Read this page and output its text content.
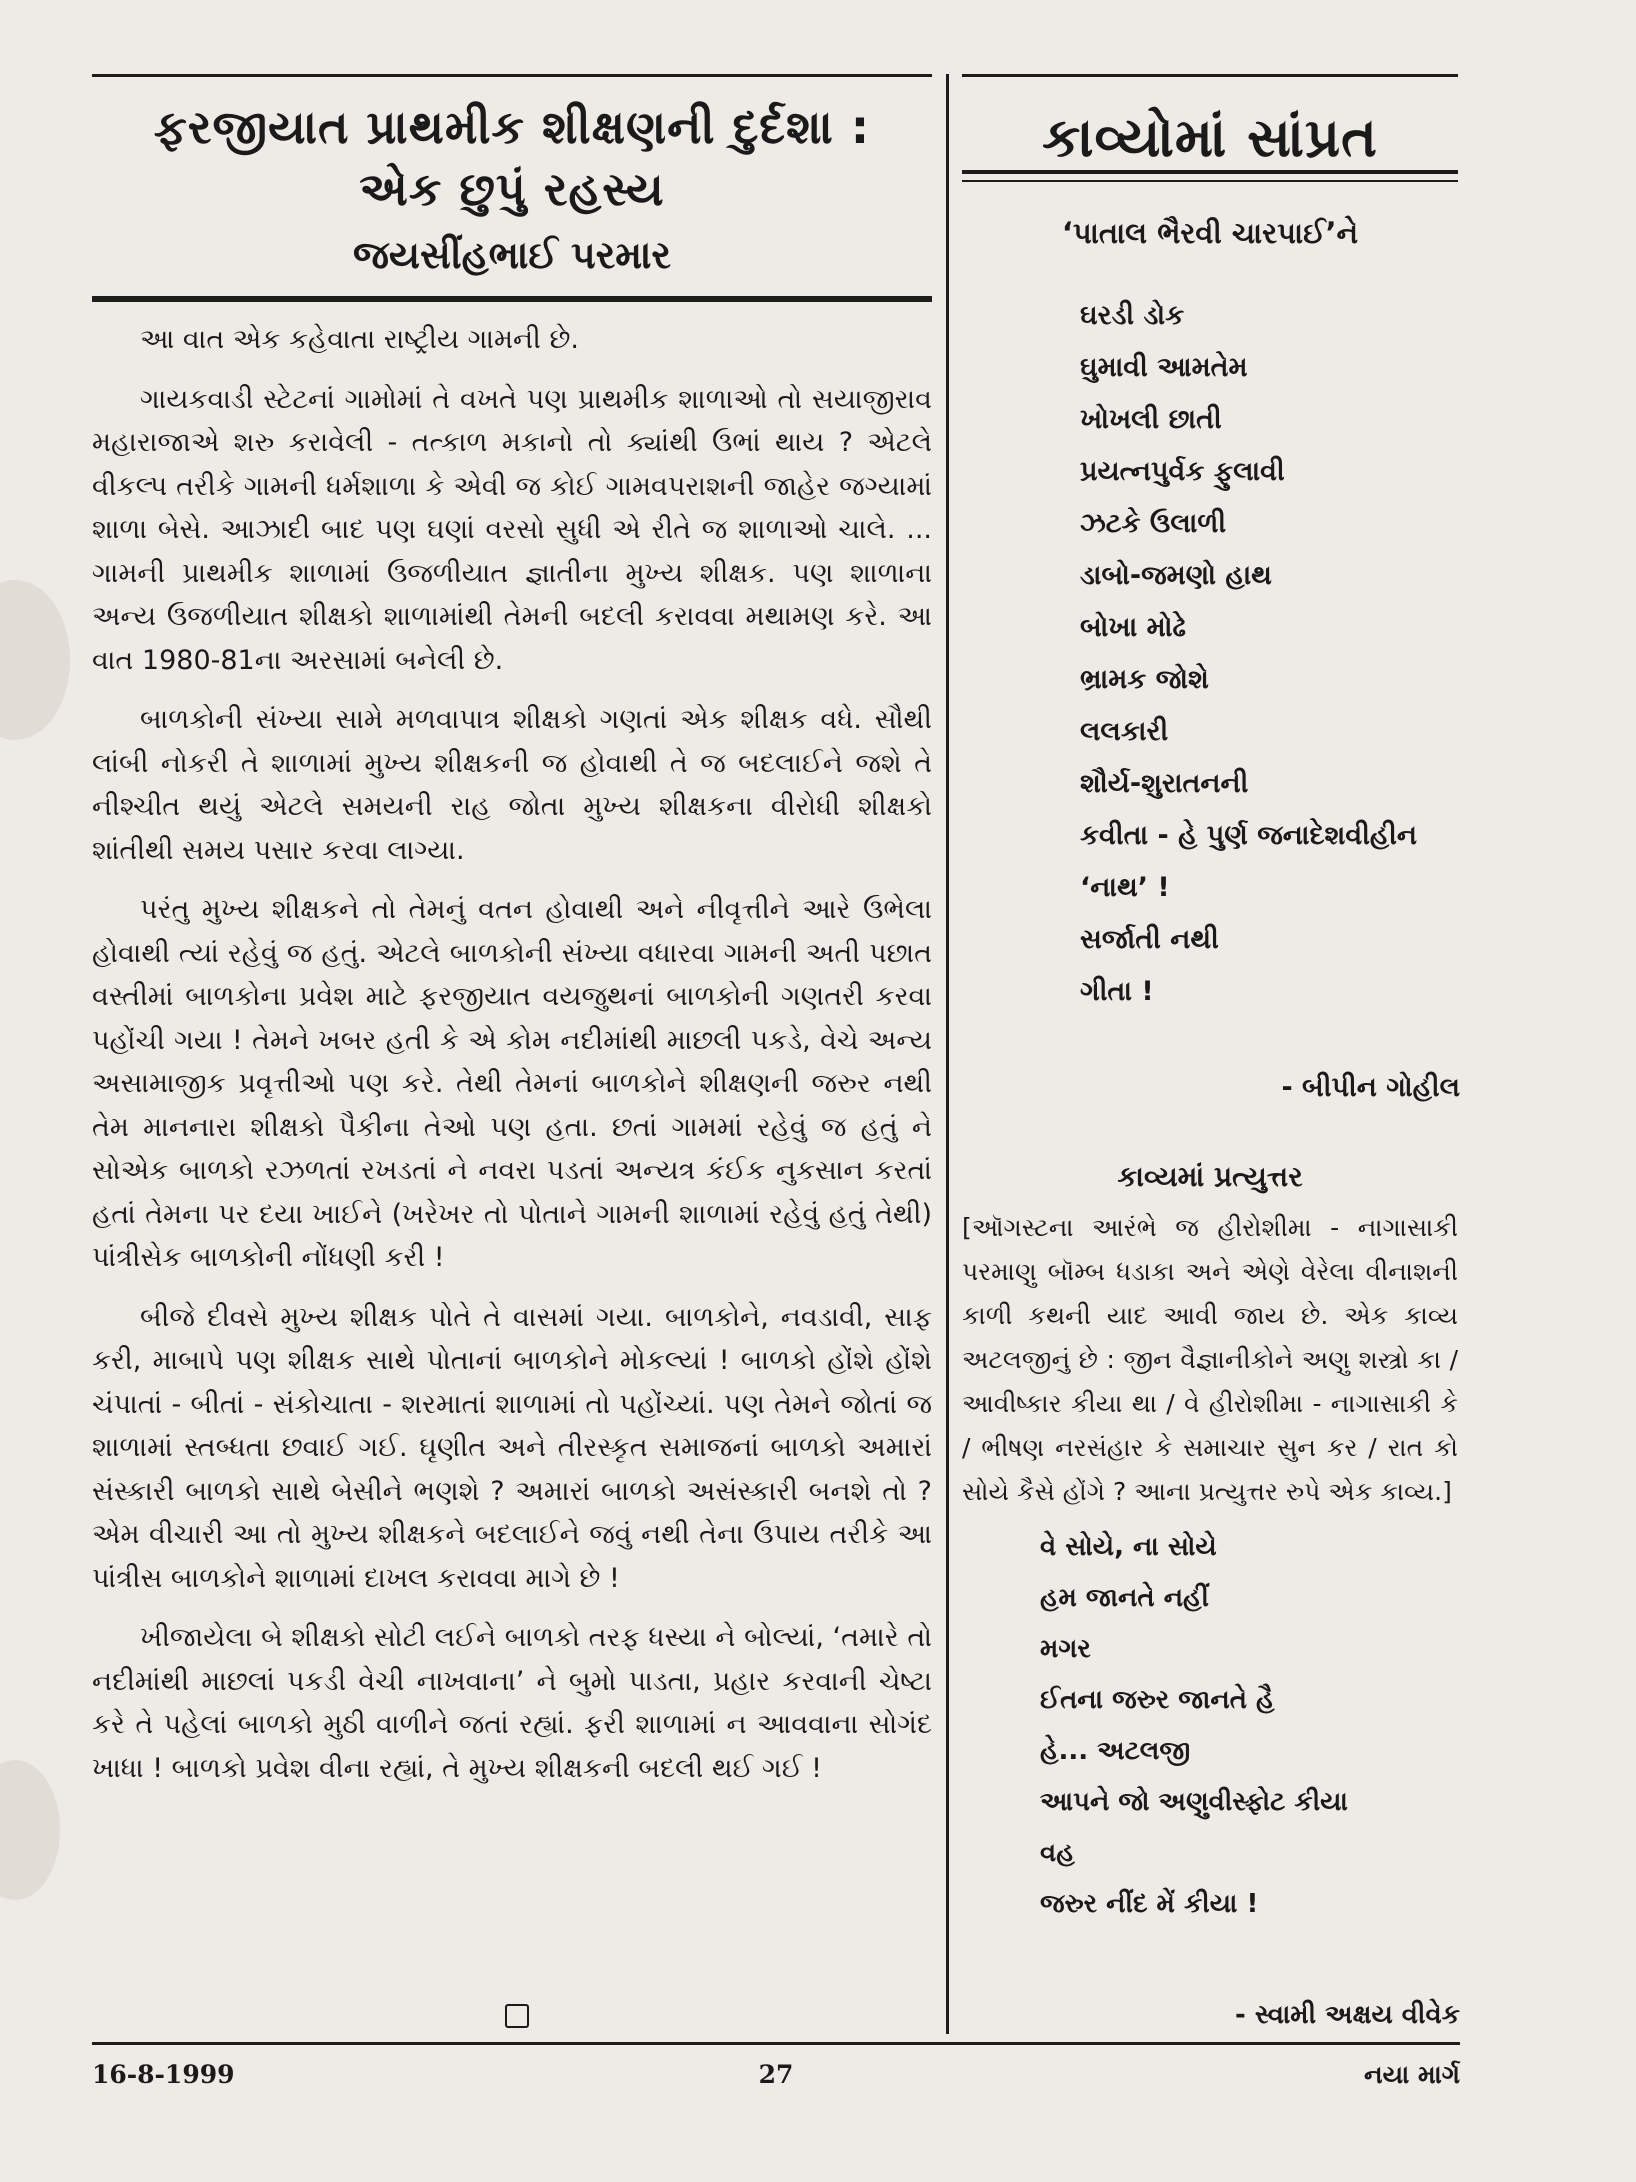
ફરજીયાત પ્રાથમીક શીક્ષણની દુર્દશા :
એક છુપું રહસ્ય
જયસીંહભાઈ પરમાર

આ વાત એક કહેવાતા રાષ્ટ્રીય ગામની છે.

ગાયકવાડી સ્ટેટનાં ગામોમાં તે વખતે પણ પ્રાથમીક શાળાઓ તો સયાજીરાવ મહારાજાએ શરુ કરાવેલી - તત્કાળ મકાનો તો ક્યાંથી ઉભાં થાય ? એટલે વીકલ્પ તરીકે ગામની ધર્મશાળા કે એવી જ કોઈ ગામવપરાશની જાહેર જગ્યામાં શાળા બેસે. આઝાદી બાદ પણ ઘણાં વરસો સુધી એ રીતે જ શાળાઓ ચાલે. ... ગામની પ્રાથમીક શાળામાં ઉજળીયાત જ્ઞાતીના મુખ્ય શીક્ષક. પણ શાળાના અન્ય ઉજળીયાત શીક્ષકો શાળામાંથી તેમની બદલી કરાવવા મથામણ કરે. આ વાત 1980-81ના અરસામાં બનેલી છે.

બાળકોની સંખ્યા સામે મળવાપાત્ર શીક્ષકો ગણતાં એક શીક્ષક વધે. સૌથી લાંબી નોકરી તે શાળામાં મુખ્ય શીક્ષકની જ હોવાથી તે જ બદલાઈને જશે તે નીશ્ચીત થયું એટલે સમયની રાહ જોતા મુખ્ય શીક્ષકના વીરોધી શીક્ષકો શાંતીથી સમય પસાર કરવા લાગ્યા.

પરંતુ મુખ્ય શીક્ષકને તો તેમનું વતન હોવાથી અને નીવૃત્તીને આરે ઉભેલા હોવાથી ત્યાં રહેવું જ હતું. એટલે બાળકોની સંખ્યા વધારવા ગામની અતી પછાત વસ્તીમાં બાળકોના પ્રવેશ માટે ફરજીયાત વયજુથનાં બાળકોની ગણતરી કરવા પહોંચી ગયા ! તેમને ખબર હતી કે એ કોમ નદીમાંથી માછલી પકડે, વેચે અન્ય અસામાજીક પ્રવૃત્તીઓ પણ કરે. તેથી તેમનાં બાળકોને શીક્ષણની જરુર નથી તેમ માનનારા શીક્ષકો પૈકીના તેઓ પણ હતા. છતાં ગામમાં રહેવું જ હતું ને સોએક બાળકો રઝળતાં રખડતાં ને નવરા પડતાં અન્યત્ર કંઈક નુકસાન કરતાં હતાં તેમના પર દયા ખાઈને (ખરેખર તો પોતાને ગામની શાળામાં રહેવું હતું તેથી) પાંત્રીસેક બાળકોની નોંધણી કરી !

બીજે દીવસે મુખ્ય શીક્ષક પોતે તે વાસમાં ગયા. બાળકોને, નવડાવી, સાફ કરી, માબાપે પણ શીક્ષક સાથે પોતાનાં બાળકોને મોકલ્યાં ! બાળકો હોંશે હોંશે ચંપાતાં - બીતાં - સંકોચાતા - શરમાતાં શાળામાં તો પહોંચ્યાં. પણ તેમને જોતાં જ શાળામાં સ્તબ્ધતા છવાઈ ગઈ. ઘૃણીત અને તીરસ્કૃત સમાજનાં બાળકો અમારાં સંસ્કારી બાળકો સાથે બેસીને ભણશે ? અમારાં બાળકો અસંસ્કારી બનશે તો ? એમ વીચારી આ તો મુખ્ય શીક્ષકને બદલાઈને જવું નથી તેના ઉપાય તરીકે આ પાંત્રીસ બાળકોને શાળામાં દાખલ કરાવવા માગે છે !

ખીજાયેલા બે શીક્ષકો સોટી લઈને બાળકો તરફ ધસ્યા ને બોલ્યાં, ‘તમારે તો નદીમાંથી માછલાં પકડી વેચી નાખવાના’ ને બુમો પાડતા, પ્રહાર કરવાની ચેષ્ટા કરે તે પહેલાં બાળકો મુઠી વાળીને જતાં રહ્યાં. ફરી શાળામાં ન આવવાના સોગંદ ખાધા ! બાળકો પ્રવેશ વીના રહ્યાં, તે મુખ્ય શીક્ષકની બદલી થઈ ગઈ !

કાવ્યોમાં સાંપ્રત
‘પાતાલ ભૈરવી ચારપાઈ’ને
ઘરડી ડોક
ઘુમાવી આમતેમ
ખોખલી છાતી
પ્રયત્નપુર્વક ફુલાવી
ઝટકે ઉલાળી
ડાબો-જમણો હાથ
બોખા મોઢે
ભ્રામક જોશે
લલકારી
શૌર્ય-શુરાતનની
કવીતા - હે પુર્ણ જનાદેશવીહીન
‘નાથ’ !
સર્જાતી નથી
ગીતા !
- બીપીન ગોહીલ
કાવ્યમાં પ્રત્યુત્તર
[ઑગસ્ટના આરંભે જ હીરોશીમા - નાગાસાકી પરમાણુ બૉમ્બ ધડાકા અને એણે વેરેલા વીનાશની કાળી કથની યાદ આવી જાય છે. એક કાવ્ય અટલજીનું છે : જીન વૈજ્ઞાનીકોને અણુ શસ્ત્રો કા / આવીષ્કાર કીયા થા / વે હીરોશીમા - નાગાસાકી કે / ભીષણ નરસંહાર કે સમાચાર સુન કર / રાત કો સોયે કૈસે હોંગે ? આના પ્રત્યુત્તર રુપે એક કાવ્ય.]
વે સોયે, ના સોયે
હમ જાનતે નહીં
મગર
ઈતના જરુર જાનતે હૈ
હે... અટલજી
આપને જો અણુવીસ્ફોટ કીયા
વહ
જરુર નીંદ મેં કીયા !
- સ્વામી અક્ષય વીવેક
16-8-1999	27	નયા માર્ગ
